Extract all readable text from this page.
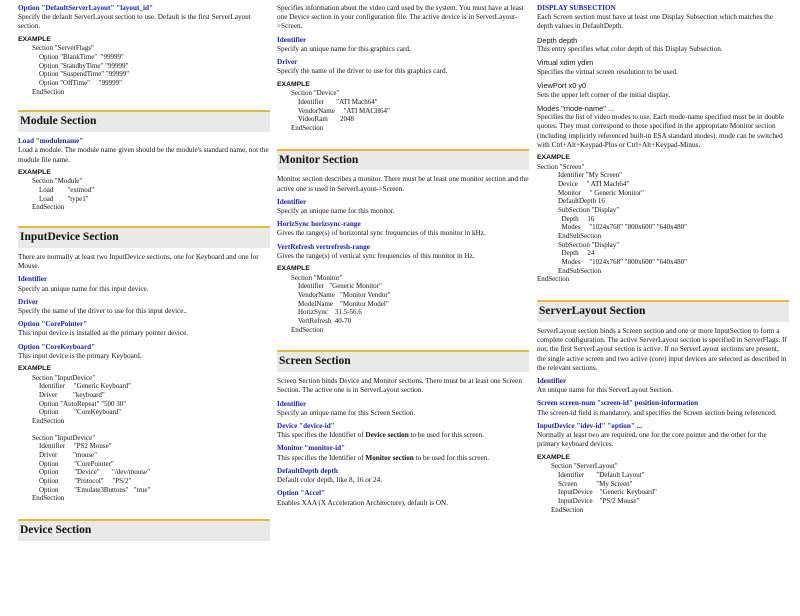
Option "DefaultServerLayout" "layout_id"

Specify the default ServerLayout section to use. Default is the first ServerLayout section.

EXAMPLE
Section "ServerFlags"
Option "BlankTime"  "99999"
Option "StandbyTime" "99999"
Option "SuspendTime" "99999"
Option "OffTime"     "99999"
EndSection
Module Section
Load "modulename"

Load a module. The module name given should be the module's standard name, not the module file name.

EXAMPLE
Section "Module"
Load        "extmod"
Load        "type1"
EndSection
InputDevice Section

There are normally at least two InputDevice sections, one for Keyboard and one for Mouse.

Identifier

Specify an unique name for this input device.

Driver

Specify the name of the driver to use for this input device..

Option "CorePointer"

This input device is installed as the primary pointer device.

Option "CoreKeyboard"

This input device is the primary Keyboard.

EXAMPLE
Section "InputDevice"
Identifier     "Generic Keyboard"
Driver         "keyboard"
Option "AutoRepeat" "500 30"
Option         "CoreKeyboard"
EndSection
Section "InputDevice"
Identifier     "PS2 Mouse"
Driver         "mouse"
Option         "CorePointer"
Option         "Device"       "/dev/mouse"
Option         "Protocol"     "PS/2"
Option         "Emulate3Buttons"   "true"
EndSection
Device Section

Specifies information about the video card used by the system. You must have at least one Device section in your configuration file. The active device is in ServerLayout->Screen.

Identifier

Specify an unique name for this graphics card.

Driver

Specify the name of the driver to use for this graphics card.

EXAMPLE
Section "Device"
Identifier       "ATI Mach64"
VendorName     "ATI MACH64"
VideoRam       2048
EndSection
Monitor Section

Monitor section describes a monitor. There must be at least one monitor section and the active one is used in ServerLayout->Screen.

Identifier

Specify an unique name for this monitor.

HorizSync horizsync-range

Gives the range(s) of horizontal sync frequencies of this monitor in kHz.

VertRefresh vertrefresh-range

Gives the range(s) of vertical sync frequencies of this monitor in Hz.

EXAMPLE
Section "Monitor"
Identifier   "Generic Monitor"
VendorName   "Monitor Vendor"
ModelName    "Monitor Model"
HorizSync    31.5-56.6
VertRefresh  40-70
EndSection
Screen Section

Screen Section binds Device and Monitor sections. There must be at least one Screen Section. The active one is in ServerLayout section.

Identifier

Specify an unique name for this Screen Section.

Device "device-id"

This specifies the Identifier of Device section to be used for this screen.

Monitor "monitor-id"

This specifies the Identifier of Monitor section to be used for this screen.

DefaultDepth depth

Default color depth, like 8, 16 or 24.

Option "Accel"

Enables XAA (X Acceleration Architecture), default is ON.

DISPLAY SUBSECTION

Each Screen section must have at least one Display Subsection which matches the depth values in DefaultDepth.

Depth depth

This entry specifies what color depth of this Display Subsection.

Virtual xdim ydim

Specifies the virtual screen resolution to be used.

ViewPort x0 y0

Sets the upper left corner of the initial display.

Modes "mode-name" ...

Specifies the list of video modes to use. Each mode-name specified must be in double quotes. They must correspond to those specified in the appropriate Monitor section (including implicitly referenced built-in ESA standard modes). mode can be switched with Ctrl+Alt+Keypad-Plus or Ctrl+Alt+Keypad-Minus.

EXAMPLE
Section "Screen"
Identifier "My Screen"
Device     " ATI Mach64"
Monitor     " Generic Monitor"
DefaultDepth 16
SubSection "Display"
Depth     16
Modes     "1024x768" "800x600" "640x480"
EndSubSection
SubSection "Display"
Depth     24
Modes     "1024x768" "800x600" "640x480"
EndSubSection
EndSection
ServerLayout Section

ServerLayout section binds a Screen section and one or more InputSection to form a complete configuration. The active ServerLayout section is specified in ServerFlags. If not, the first ServerLayout section is active. If no ServerLayout sections are present, the single active screen and two active (core) input devices are selected as described in the relevant sections.

Identifier

An unique name for this ServerLayout Section.

Screen screen-num "screen-id" position-information

The screen-id field is mandatory, and specifies the Screen section being referenced.

InputDevice "idev-id" "option" ...

Normally at least two are required, one for the core pointer and the other for the primary keyboard devices.

EXAMPLE
Section "ServerLayout"
Identifier       "Default Layout"
Screen           "My Screen"
InputDevice    "Generic Keyboard"
InputDevice    "PS/2 Mouse"
EndSection
